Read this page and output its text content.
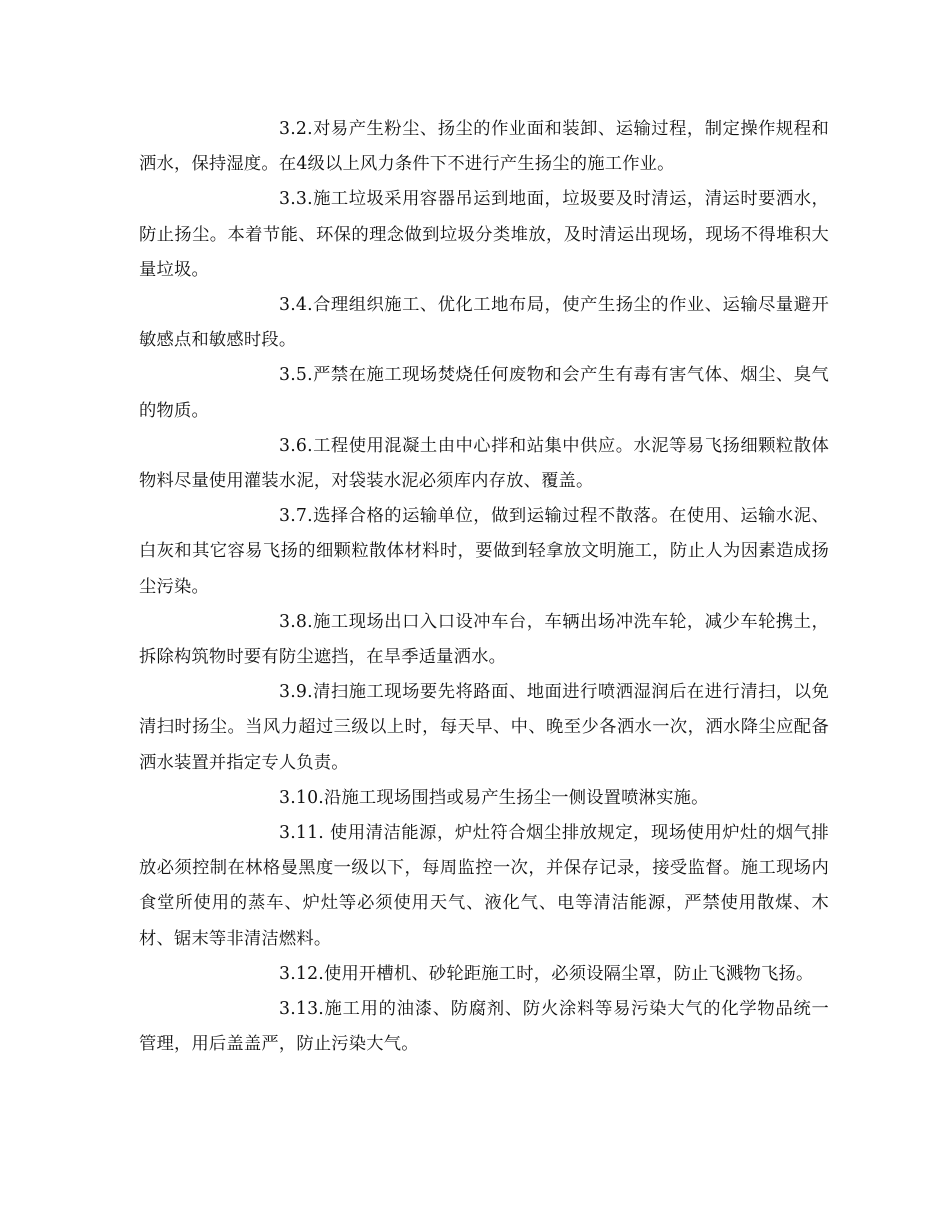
3.2.对易产生粉尘、扬尘的作业面和装卸、运输过程，制定操作规程和洒水，保持湿度。在4级以上风力条件下不进行产生扬尘的施工作业。

3.3.施工垃圾采用容器吊运到地面，垃圾要及时清运，清运时要洒水，防止扬尘。本着节能、环保的理念做到垃圾分类堆放，及时清运出现场，现场不得堆积大量垃圾。

3.4.合理组织施工、优化工地布局，使产生扬尘的作业、运输尽量避开敏感点和敏感时段。

3.5.严禁在施工现场焚烧任何废物和会产生有毒有害气体、烟尘、臭气的物质。

3.6.工程使用混凝土由中心拌和站集中供应。水泥等易飞扬细颗粒散体物料尽量使用灌装水泥，对袋装水泥必须库内存放、覆盖。

3.7.选择合格的运输单位，做到运输过程不散落。在使用、运输水泥、白灰和其它容易飞扬的细颗粒散体材料时，要做到轻拿放文明施工，防止人为因素造成扬尘污染。

3.8.施工现场出口入口设冲车台，车辆出场冲洗车轮，减少车轮携土，拆除构筑物时要有防尘遮挡，在旱季适量洒水。

3.9.清扫施工现场要先将路面、地面进行喷洒湿润后在进行清扫，以免清扫时扬尘。当风力超过三级以上时，每天早、中、晚至少各洒水一次，洒水降尘应配备洒水装置并指定专人负责。

3.10.沿施工现场围挡或易产生扬尘一侧设置喷淋实施。

3.11. 使用清洁能源，炉灶符合烟尘排放规定，现场使用炉灶的烟气排放必须控制在林格曼黑度一级以下，每周监控一次，并保存记录，接受监督。施工现场内食堂所使用的蒸车、炉灶等必须使用天气、液化气、电等清洁能源，严禁使用散煤、木材、锯末等非清洁燃料。

3.12.使用开槽机、砂轮距施工时，必须设隔尘罩，防止飞溅物飞扬。

3.13.施工用的油漆、防腐剂、防火涂料等易污染大气的化学物品统一管理，用后盖盖严，防止污染大气。
